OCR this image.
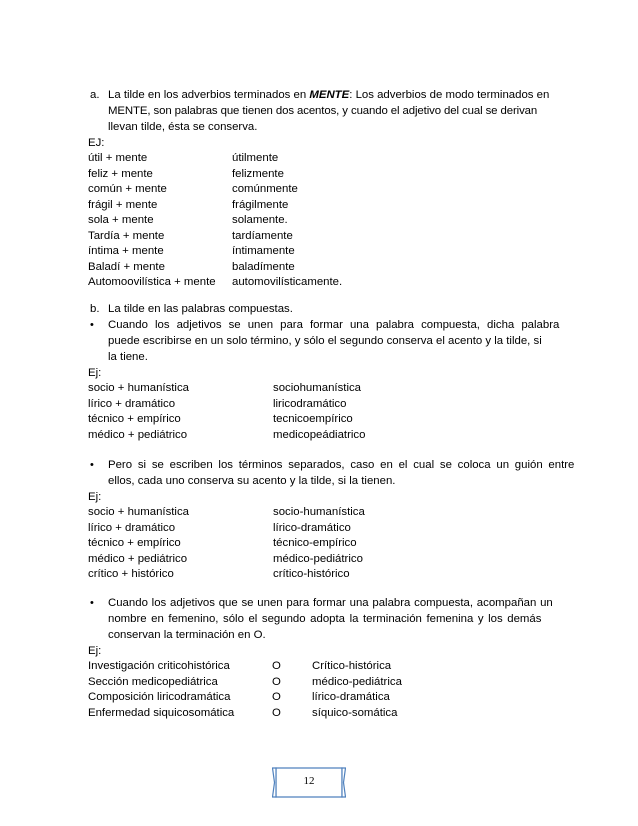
a. La tilde en los adverbios terminados en MENTE: Los adverbios de modo terminados en
MENTE, son palabras que tienen dos acentos, y cuando el adjetivo del cual se derivan
llevan tilde, ésta se conserva.
EJ:
útil + mente	útilmente
feliz + mente	felizmente
común + mente	comúnmente
frágil + mente	frágilmente
sola + mente	solamente.
Tardía + mente	tardíamente
íntima + mente	íntimamente
Baladí + mente	baladímente
Automoovilística + mente automovilísticamente.
b. La tilde en las palabras compuestas.
• Cuando los adjetivos se unen para formar una palabra compuesta, dicha palabra
puede escribirse en un solo término, y sólo el segundo conserva el acento y la tilde, si
la tiene.
Ej:
socio + humanística	sociohumanística
lírico + dramático	liricodramático
técnico + empírico	tecnicoempírico
médico + pediátrico	medicopeádiatrico
• Pero si se escriben los términos separados, caso en el cual se coloca un guión entre
ellos, cada uno conserva su acento y la tilde, si la tienen.
Ej:
socio + humanística	socio-humanística
lírico + dramático	lírico-dramático
técnico + empírico	técnico-empírico
médico + pediátrico	médico-pediátrico
crítico + histórico	crítico-histórico
• Cuando los adjetivos que se unen para formar una palabra compuesta, acompañan un
nombre en femenino, sólo el segundo adopta la terminación femenina y los demás
conservan la terminación en O.
Ej:
Investigación criticohistórica	O	Crítico-histórica
Sección medicopediátrica	O	médico-pediátrica
Composición liricodramática	O	lírico-dramática
Enfermedad siquicosomática	O	síquico-somática
12
